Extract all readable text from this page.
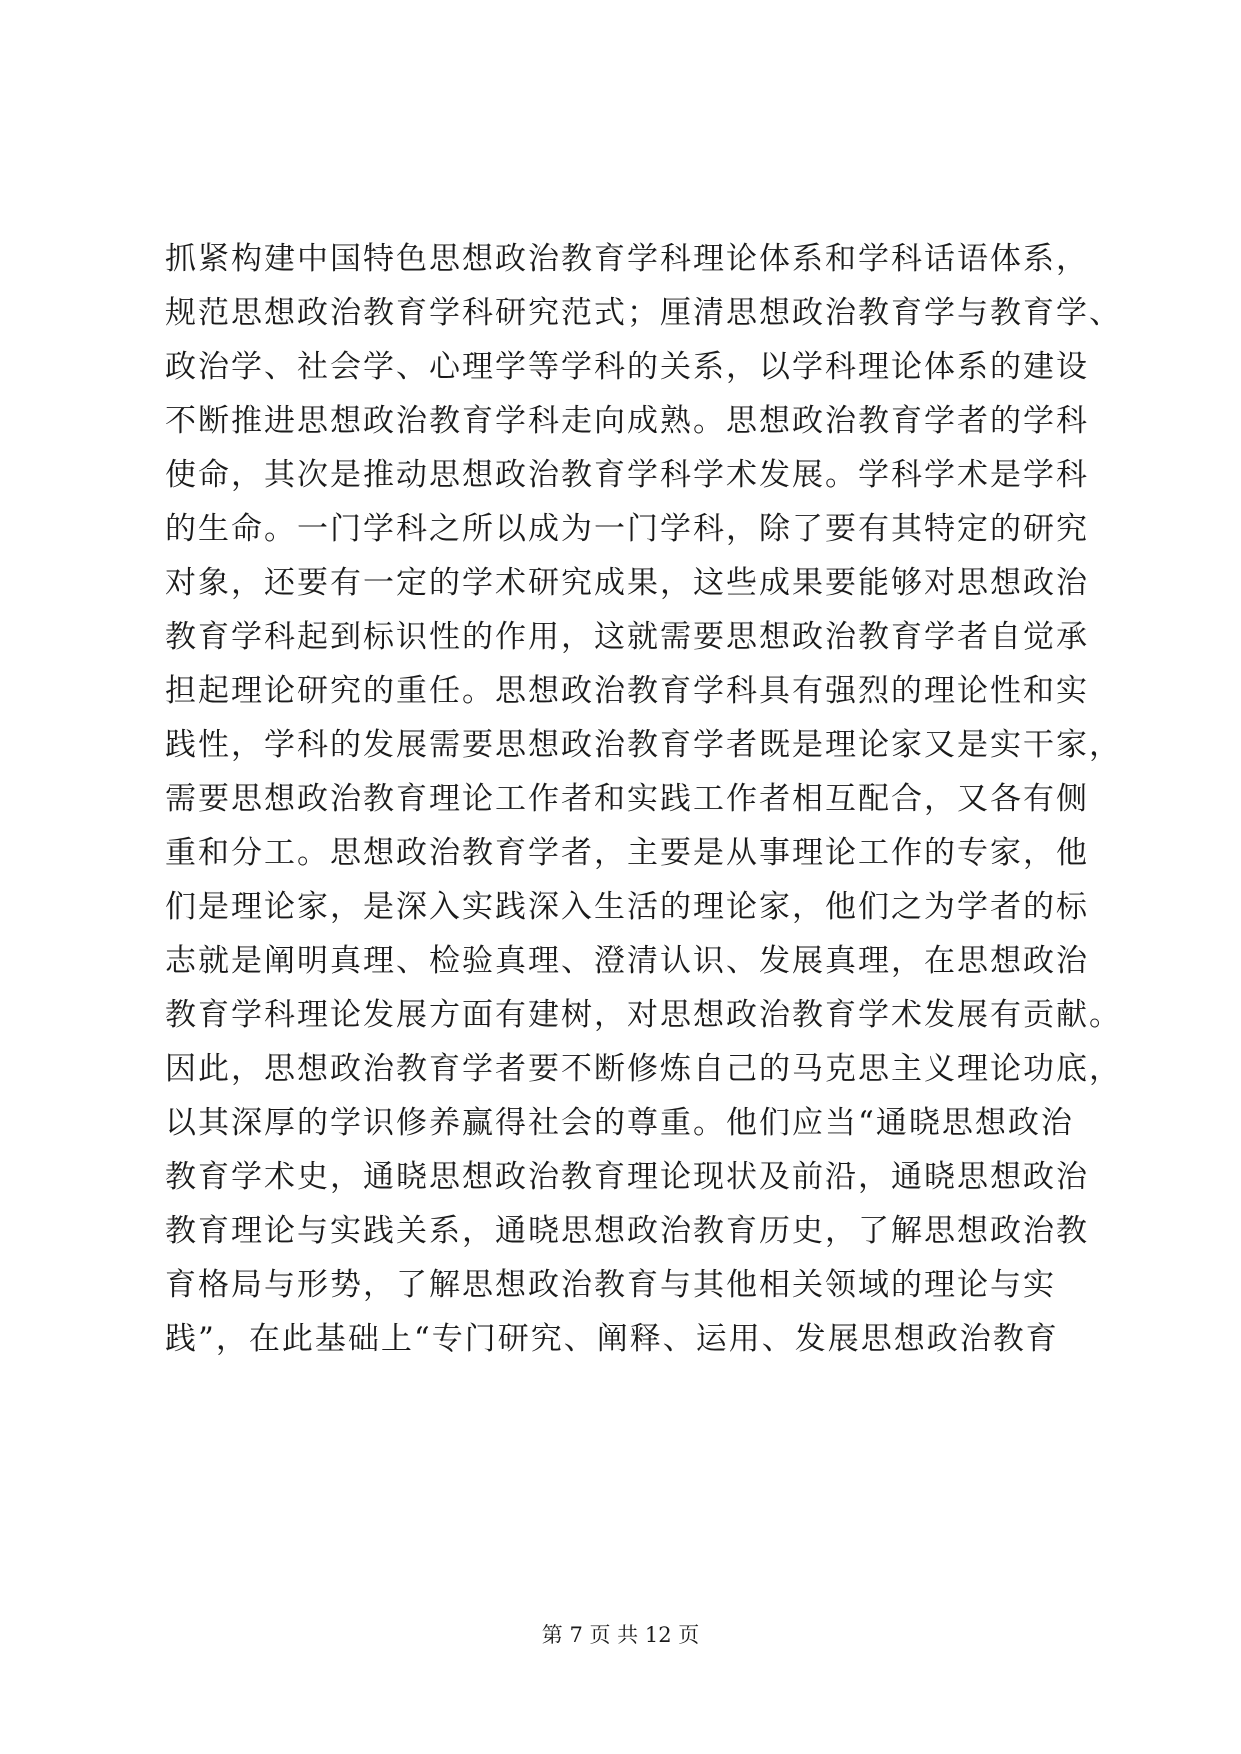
抓紧构建中国特色思想政治教育学科理论体系和学科话语体系，
规范思想政治教育学科研究范式；厘清思想政治教育学与教育学、
政治学、社会学、心理学等学科的关系，以学科理论体系的建设
不断推进思想政治教育学科走向成熟。思想政治教育学者的学科
使命，其次是推动思想政治教育学科学术发展。学科学术是学科
的生命。一门学科之所以成为一门学科，除了要有其特定的研究
对象，还要有一定的学术研究成果，这些成果要能够对思想政治
教育学科起到标识性的作用，这就需要思想政治教育学者自觉承
担起理论研究的重任。思想政治教育学科具有强烈的理论性和实
践性，学科的发展需要思想政治教育学者既是理论家又是实干家，
需要思想政治教育理论工作者和实践工作者相互配合，又各有侧
重和分工。思想政治教育学者，主要是从事理论工作的专家，他
们是理论家，是深入实践深入生活的理论家，他们之为学者的标
志就是阐明真理、检验真理、澄清认识、发展真理，在思想政治
教育学科理论发展方面有建树，对思想政治教育学术发展有贡献。
因此，思想政治教育学者要不断修炼自己的马克思主义理论功底，
以其深厚的学识修养赢得社会的尊重。他们应当“通晓思想政治
教育学术史，通晓思想政治教育理论现状及前沿，通晓思想政治
教育理论与实践关系，通晓思想政治教育历史，了解思想政治教
育格局与形势，了解思想政治教育与其他相关领域的理论与实
践”，在此基础上“专门研究、阐释、运用、发展思想政治教育
第 7 页 共 12 页
